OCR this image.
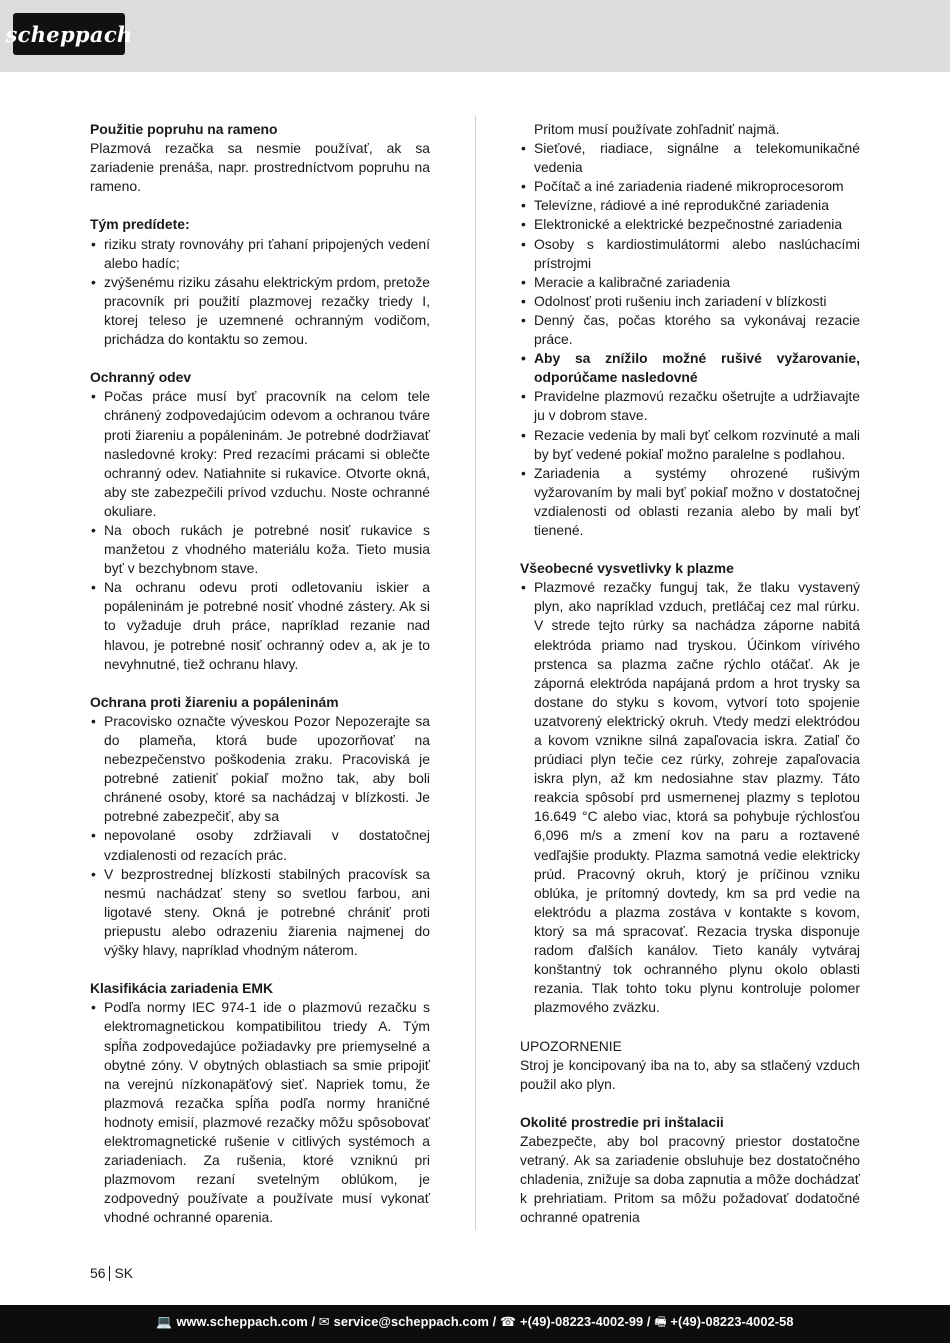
scheppach
Použitie popruhu na rameno
Plazmová rezačka sa nesmie používať, ak sa zariadenie prenáša, napr. prostredníctvom popruhu na rameno.
Tým predídete:
• riziku straty rovnováhy pri ťahaní pripojených vedení alebo hadíc;
• zvýšenému riziku zásahu elektrickým prdom, pretože pracovník pri použití plazmovej rezačky triedy I, ktorej teleso je uzemnené ochranným vodičom, prichádza do kontaktu so zemou.
Ochranný odev
• Počas práce musí byť pracovník na celom tele chránený zodpovedajúcim odevom a ochranou tváre proti žiareniu a popáleninám. Je potrebné dodržiavať nasledovné kroky: Pred rezacími prácami si oblečte ochranný odev. Natiahnite si rukavice. Otvorte okná, aby ste zabezpečili prívod vzduchu. Noste ochranné okuliare.
• Na oboch rukách je potrebné nosiť rukavice s manžetou z vhodného materiálu koža. Tieto musia byť v bezchybnom stave.
• Na ochranu odevu proti odletovaniu iskier a popáleninám je potrebné nosiť vhodné zástery. Ak si to vyžaduje druh práce, napríklad rezanie nad hlavou, je potrebné nosiť ochranný odev a, ak je to nevyhnutné, tiež ochranu hlavy.
Ochrana proti žiareniu a popáleninám
• Pracovisko označte výveskou Pozor Nepozerajte sa do plameňa, ktorá bude upozorňovať na nebezpečenstvo poškodenia zraku. Pracoviská je potrebné zatieniť pokiaľ možno tak, aby boli chránené osoby, ktoré sa nachádzaj v blízkosti. Je potrebné zabezpečiť, aby sa
• nepovolané osoby zdržiavali v dostatočnej vzdialenosti od rezacích prác.
• V bezprostrednej blízkosti stabilných pracovísk sa nesmú nachádzať steny so svetlou farbou, ani ligotavé steny. Okná je potrebné chrániť proti priepustu alebo odrazeniu žiarenia najmenej do výšky hlavy, napríklad vhodným náterom.
Klasifikácia zariadenia EMK
• Podľa normy IEC 974-1 ide o plazmovú rezačku s elektromagnetickou kompatibilitou triedy A. Tým spĺňa zodpovedajúce požiadavky pre priemyselné a obytné zóny. V obytných oblastiach sa smie pripojiť na verejnú nízkonapäťový sieť. Napriek tomu, že plazmová rezačka spĺňa podľa normy hraničné hodnoty emisií, plazmové rezačky môžu spôsobovať elektromagnetické rušenie v citlivých systémoch a zariadeniach. Za rušenia, ktoré vzniknú pri plazmovom rezaní svetelným oblúkom, je zodpovedný používate a používate musí vykonať vhodné ochranné oparenia.
Pritom musí používate zohľadniť najmä.
• Sieťové, riadiace, signálne a telekomunikačné vedenia
• Počítač a iné zariadenia riadené mikroprocesorom
• Televízne, rádiové a iné reprodukčné zariadenia
• Elektronické a elektrické bezpečnostné zariadenia
• Osoby s kardiostimulátormi alebo naslúchacími prístrojmi
• Meracie a kalibračné zariadenia
• Odolnosť proti rušeniu inch zariadení v blízkosti
• Denný čas, počas ktorého sa vykonávaj rezacie práce.
• Aby sa znížilo možné rušivé vyžarovanie, odporúčame nasledovné
• Pravidelne plazmovú rezačku ošetrujte a udržiavajte ju v dobrom stave.
• Rezacie vedenia by mali byť celkom rozvinuté a mali by byť vedené pokiaľ možno paralelne s podlahou.
• Zariadenia a systémy ohrozené rušivým vyžarovaním by mali byť pokiaľ možno v dostatočnej vzdialenosti od oblasti rezania alebo by mali byť tienené.
Všeobecné vysvetlivky k plazme
• Plazmové rezačky funguj tak, že tlaku vystavený plyn, ako napríklad vzduch, pretláčaj cez mal rúrku. V strede tejto rúrky sa nachádza záporne nabitá elektróda priamo nad tryskou. Účinkom vírivého prstenca sa plazma začne rýchlo otáčať. Ak je záporná elektróda napájaná prdom a hrot trysky sa dostane do styku s kovom, vytvorí toto spojenie uzatvorený elektrický okruh. Vtedy medzi elektródou a kovom vznikne silná zapaľovacia iskra. Zatiaľ čo prúdiaci plyn tečie cez rúrky, zohreje zapaľovacia iskra plyn, až km nedosiahne stav plazmy. Táto reakcia spôsobí prd usmernenej plazmy s teplotou 16.649 °C alebo viac, ktorá sa pohybuje rýchlosťou 6,096 m/s a zmení kov na paru a roztavené vedľajšie produkty. Plazma samotná vedie elektricky prúd. Pracovný okruh, ktorý je príčinou vzniku oblúka, je prítomný dovtedy, km sa prd vedie na elektródu a plazma zostáva v kontakte s kovom, ktorý sa má spracovať. Rezacia tryska disponuje radom ďalších kanálov. Tieto kanály vytváraj konštantný tok ochranného plynu okolo oblasti rezania. Tlak tohto toku plynu kontroluje polomer plazmového zväzku.
UPOZORNENIE
Stroj je koncipovaný iba na to, aby sa stlačený vzduch použil ako plyn.
Okolité prostredie pri inštalacii
Zabezpečte, aby bol pracovný priestor dostatočne vetraný. Ak sa zariadenie obsluhuje bez dostatočného chladenia, znižuje sa doba zapnutia a môže dochádzať k prehriatiam. Pritom sa môžu požadovať dodatočné ochranné opatrenia
56 SK
💻 www.scheppach.com / ✉ service@scheppach.com / ☎ +(49)-08223-4002-99 / 🖷 +(49)-08223-4002-58
